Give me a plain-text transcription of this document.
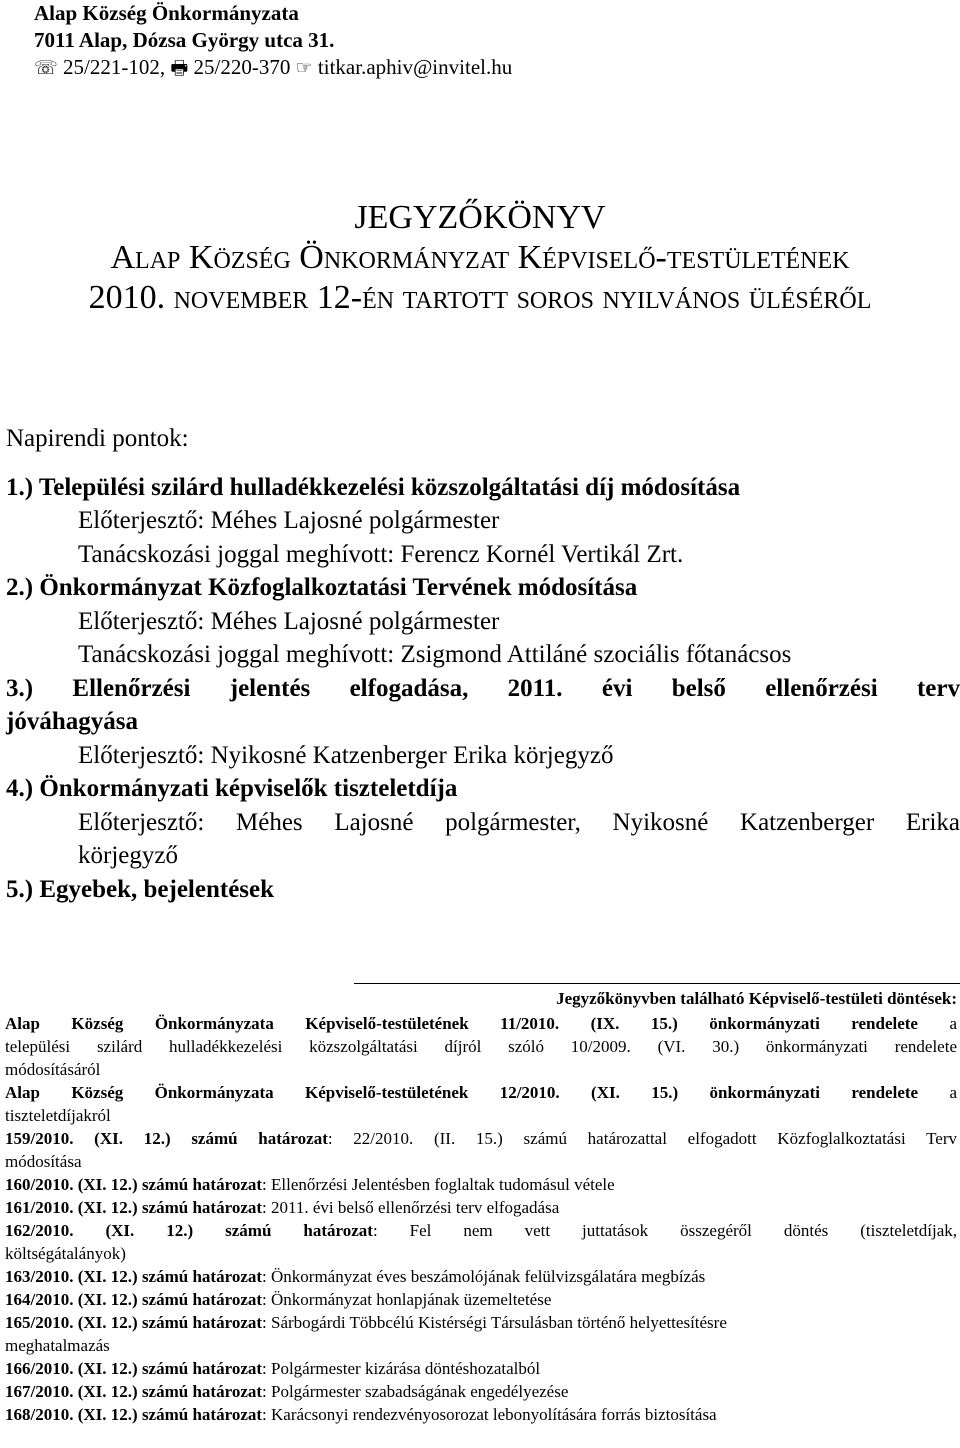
Alap Község Önkormányzata
7011 Alap, Dózsa György utca 31.
☏ 25/221-102, 🖶 25/220-370 ☞ titkar.aphiv@invitel.hu
JEGYZŐKÖNYV
Alap Község Önkormányzat Képviselő-testületének
2010. november 12-én tartott soros nyilvános üléséről
Napirendi pontok:
1.) Települési szilárd hulladékkezelési közszolgáltatási díj módosítása
Előterjesztő: Méhes Lajosné polgármester
Tanácskozási joggal meghívott: Ferencz Kornél Vertikál Zrt.
2.) Önkormányzat Közfoglalkoztatási Tervének módosítása
Előterjesztő: Méhes Lajosné polgármester
Tanácskozási joggal meghívott: Zsigmond Attiláné szociális főtanácsos
3.) Ellenőrzési jelentés elfogadása, 2011. évi belső ellenőrzési terv
jóváhagyása
Előterjesztő: Nyikosné Katzenberger Erika körjegyző
4.) Önkormányzati képviselők tiszteletdíja
Előterjesztő: Méhes Lajosné polgármester, Nyikosné Katzenberger Erika
körjegyző
5.) Egyebek, bejelentések
Jegyzőkönyvben található Képviselő-testületi döntések:
Alap Község Önkormányzata Képviselő-testületének 11/2010. (IX. 15.) önkormányzati rendelete a
települési szilárd hulladékkezelési közszolgáltatási díjról szóló 10/2009. (VI. 30.) önkormányzati rendelete
módosításáról
Alap Község Önkormányzata Képviselő-testületének 12/2010. (XI. 15.) önkormányzati rendelete a
tiszteletdíjakról
159/2010. (XI. 12.) számú határozat: 22/2010. (II. 15.) számú határozattal elfogadott Közfoglalkoztatási Terv
módosítása
160/2010. (XI. 12.) számú határozat: Ellenőrzési Jelentésben foglaltak tudomásul vétele
161/2010. (XI. 12.) számú határozat: 2011. évi belső ellenőrzési terv elfogadása
162/2010. (XI. 12.) számú határozat: Fel nem vett juttatások összegéről döntés (tiszteletdíjak,
költségátalányok)
163/2010. (XI. 12.) számú határozat: Önkormányzat éves beszámolójának felülvizsgálatára megbízás
164/2010. (XI. 12.) számú határozat: Önkormányzat honlapjának üzemeltetése
165/2010. (XI. 12.) számú határozat: Sárbogárdi Többcélú Kistérségi Társulásban történő helyettesítésre
meghatalmazás
166/2010. (XI. 12.) számú határozat: Polgármester kizárása döntéshozatalból
167/2010. (XI. 12.) számú határozat: Polgármester szabadságának engedélyezése
168/2010. (XI. 12.) számú határozat: Karácsonyi rendezvényosorozat lebonyolítására forrás biztosítása
